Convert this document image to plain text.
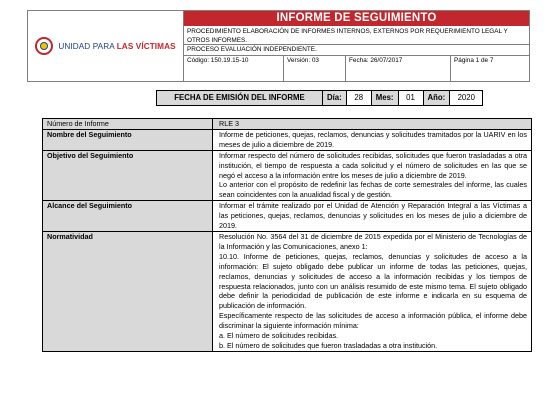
UNIDAD PARA LAS VÍCTIMAS
INFORME DE SEGUIMIENTO
PROCEDIMIENTO ELABORACIÓN DE INFORMES INTERNOS, EXTERNOS POR REQUERIMIENTO LEGAL Y OTROS INFORMES.
PROCESO EVALUACIÓN INDEPENDIENTE.
Código: 150.19.15-10	Versión: 03	Fecha: 26/07/2017	Página 1 de 7
FECHA DE EMISIÓN DEL INFORME	Día:	28	Mes:	01	Año:	2020
Número de Informe	RLE 3
Nombre del Seguimiento	Informe de peticiones, quejas, reclamos, denuncias y solicitudes tramitados por la UARIV en los meses de julio a diciembre de 2019.
Objetivo del Seguimiento	Informar respecto del número de solicitudes recibidas, solicitudes que fueron trasladadas a otra institución, el tiempo de respuesta a cada solicitud y el número de solicitudes en las que se negó el acceso a la información entre los meses de julio a diciembre de 2019.

Lo anterior con el propósito de redefinir las fechas de corte semestrales del informe, las cuales sean coincidentes con la anualidad fiscal y de gestión.

Alcance del Seguimiento	Informar el trámite realizado por el Unidad de Atención y Reparación Integral a las Víctimas a las peticiones, quejas, reclamos, denuncias y solicitudes en los meses de julio a diciembre de 2019.
Normatividad	Resolución No. 3564 del 31 de diciembre de 2015 expedida por el Ministerio de Tecnologías de la Información y las Comunicaciones, anexo 1:

10.10. Informe de peticiones, quejas, reclamos, denuncias y solicitudes de acceso a la información: El sujeto obligado debe publicar un informe de todas las peticiones, quejas, reclamos, denuncias y solicitudes de acceso a la información recibidas y los tiempos de respuesta relacionados, junto con un análisis resumido de este mismo tema. El sujeto obligado debe definir la periodicidad de publicación de este informe e indicarla en su esquema de publicación de información.

Específicamente respecto de las solicitudes de acceso a información pública, el informe debe discriminar la siguiente información mínima:

a. El número de solicitudes recibidas.

b. El número de solicitudes que fueron trasladadas a otra institución.
